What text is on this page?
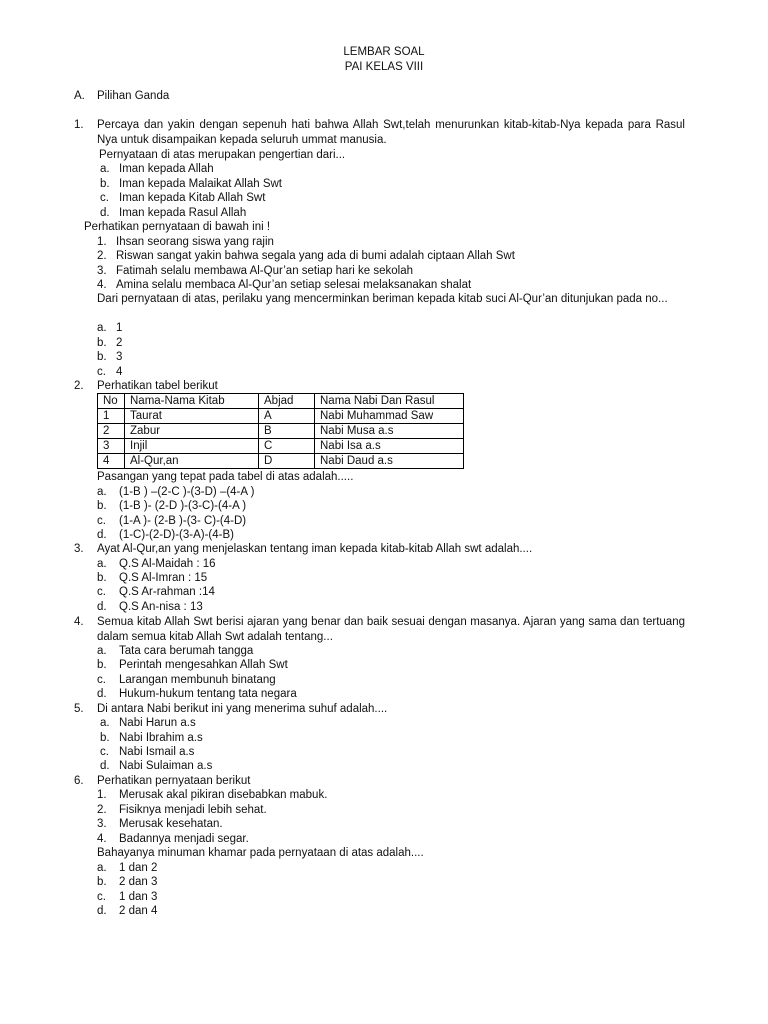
LEMBAR SOAL
PAI KELAS VIII
A. Pilihan Ganda
1. Percaya dan yakin dengan sepenuh hati bahwa Allah Swt,telah menurunkan kitab-kitab-Nya kepada para Rasul Nya untuk disampaikan kepada seluruh ummat manusia.
Pernyataan di atas merupakan pengertian dari...
a. Iman kepada Allah
b. Iman kepada Malaikat Allah Swt
c. Iman kepada Kitab Allah Swt
d. Iman kepada Rasul Allah
Perhatikan pernyataan di bawah ini !
1. Ihsan seorang siswa yang rajin
2. Riswan sangat yakin bahwa segala yang ada di bumi adalah ciptaan Allah Swt
3. Fatimah selalu membawa Al-Qur’an setiap hari ke sekolah
4. Amina selalu membaca Al-Qur’an setiap selesai melaksanakan shalat
Dari pernyataan di atas, perilaku yang mencerminkan beriman kepada kitab suci Al-Qur’an ditunjukan pada no...
a. 1
b. 2
b. 3
c. 4
2. Perhatikan tabel berikut
No	Nama-Nama Kitab	Abjad	Nama Nabi Dan Rasul
1	Taurat	A	Nabi Muhammad Saw
2	Zabur	B	Nabi Musa a.s
3	Injil	C	Nabi Isa a.s
4	Al-Qur,an	D	Nabi Daud a.s
Pasangan yang tepat pada tabel di atas adalah.....
a. (1-B ) –(2-C )-(3-D) –(4-A )
b. (1-B )- (2-D )-(3-C)-(4-A )
c. (1-A )- (2-B )-(3- C)-(4-D)
d. (1-C)-(2-D)-(3-A)-(4-B)
3. Ayat Al-Qur,an yang menjelaskan tentang iman kepada kitab-kitab Allah swt adalah....
a. Q.S Al-Maidah : 16
b. Q.S Al-Imran : 15
c. Q.S Ar-rahman :14
d. Q.S An-nisa : 13
4. Semua kitab Allah Swt berisi ajaran yang benar dan baik sesuai dengan masanya. Ajaran yang sama dan tertuang dalam semua kitab Allah Swt adalah tentang...
a. Tata cara berumah tangga
b. Perintah mengesahkan Allah Swt
c. Larangan membunuh binatang
d. Hukum-hukum tentang tata negara
5. Di antara Nabi berikut ini yang menerima suhuf adalah....
a. Nabi Harun a.s
b. Nabi Ibrahim a.s
c. Nabi Ismail a.s
d. Nabi Sulaiman a.s
6. Perhatikan pernyataan berikut
1. Merusak akal pikiran disebabkan mabuk.
2. Fisiknya menjadi lebih sehat.
3. Merusak kesehatan.
4. Badannya menjadi segar.
Bahayanya minuman khamar pada pernyataan di atas adalah....
a. 1 dan 2
b. 2 dan 3
c. 1 dan 3
d. 2 dan 4
